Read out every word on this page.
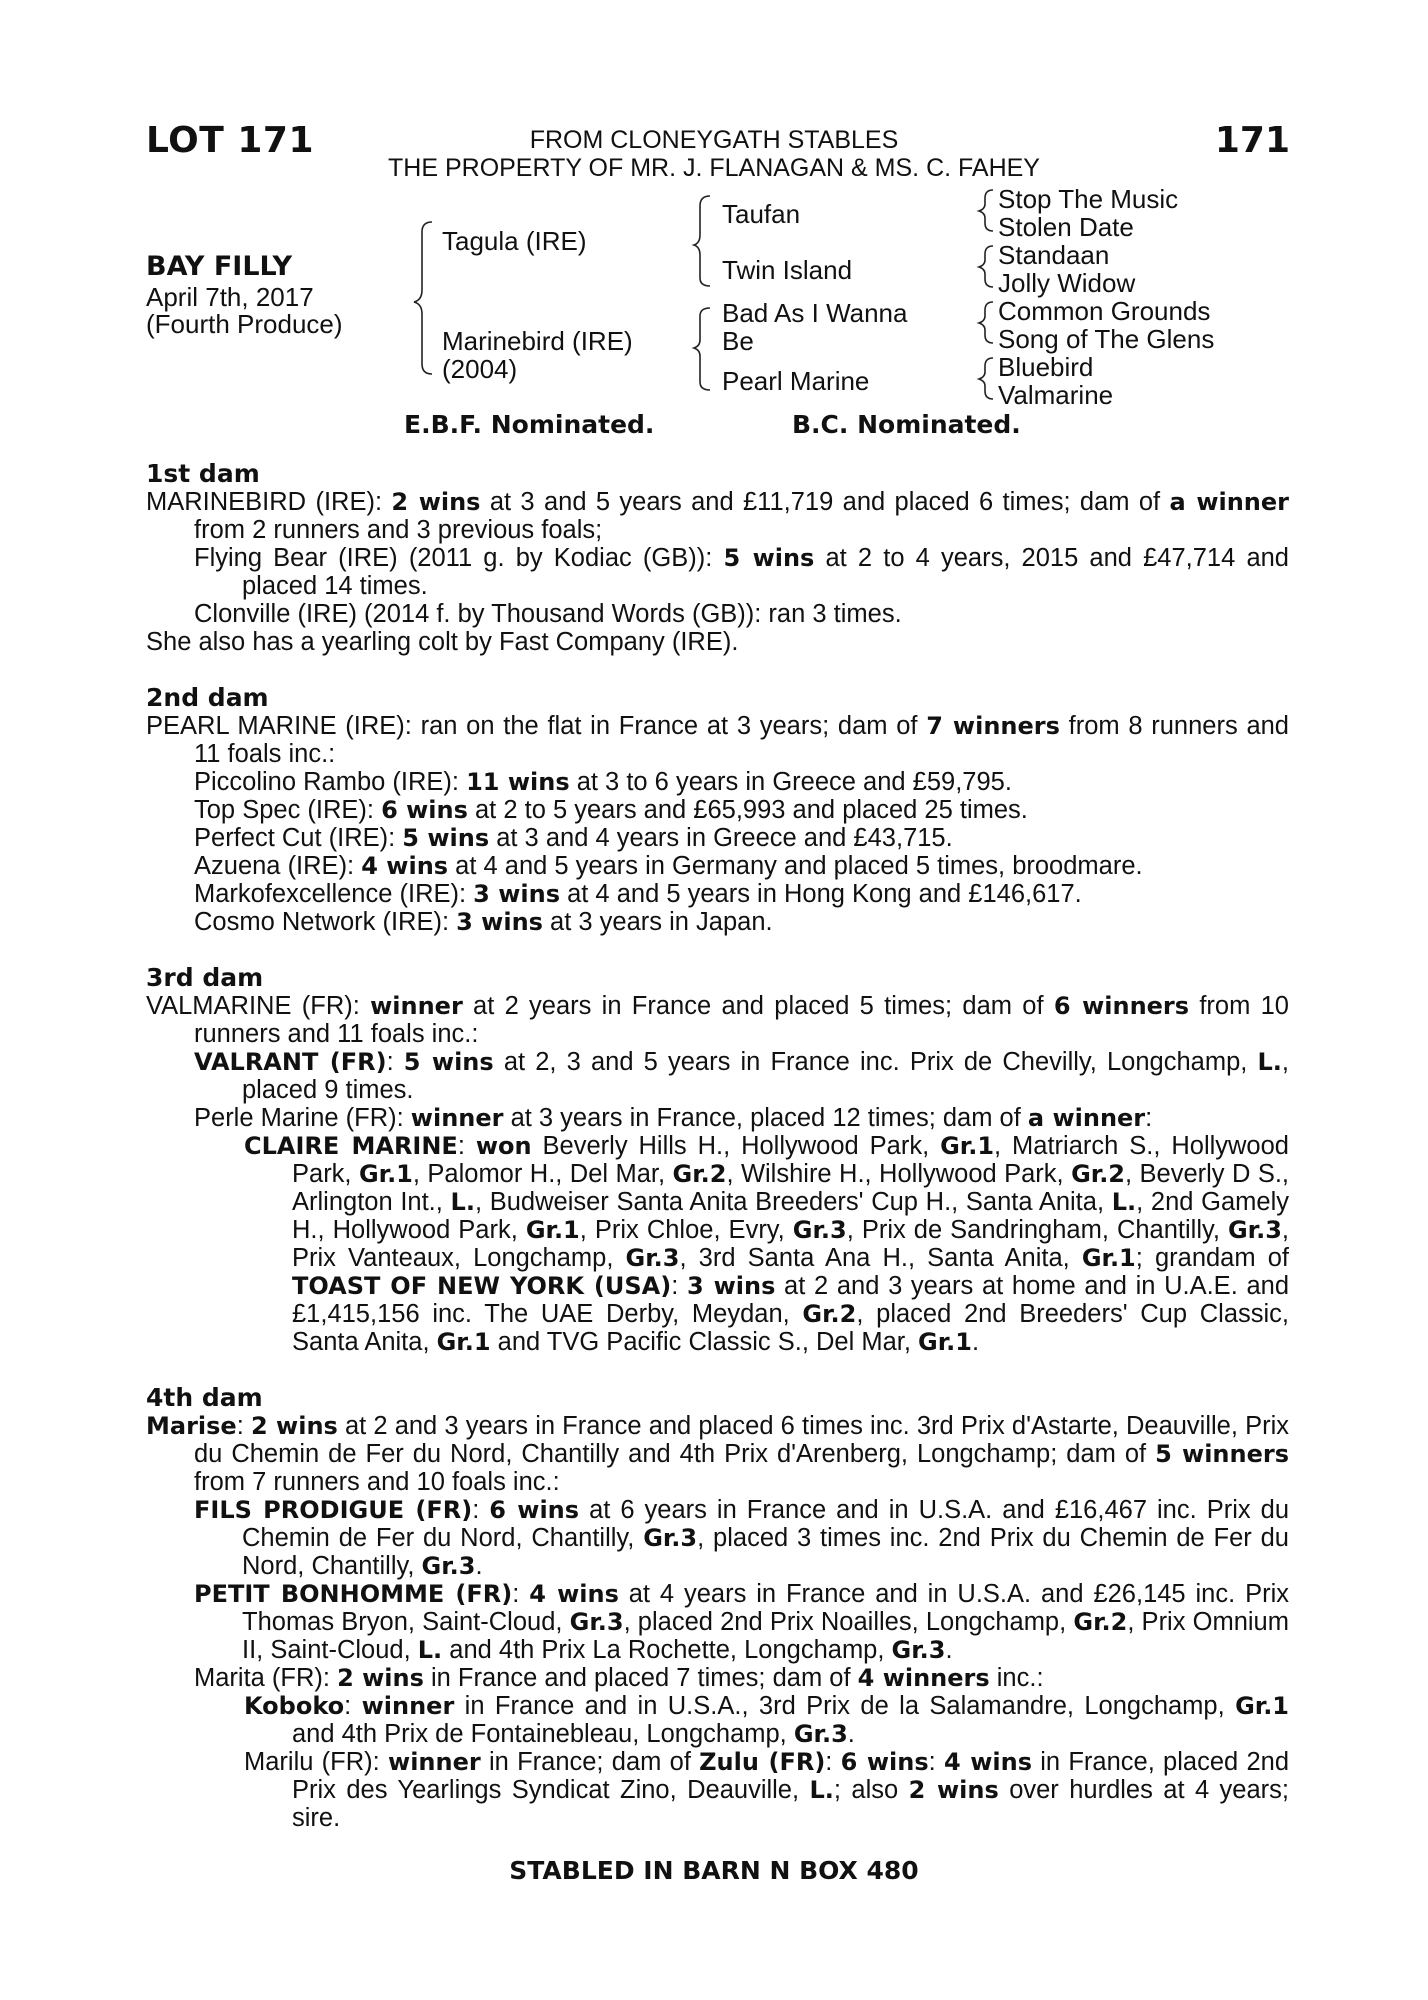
LOT 171	171
FROM CLONEYGATH STABLES
THE PROPERTY OF MR. J. FLANAGAN & MS. C. FAHEY
BAY FILLY
April 7th, 2017
(Fourth Produce)
Tagula (IRE)
Marinebird (IRE)
(2004)
Taufan
Twin Island
Bad As I Wanna
Be
Pearl Marine
Stop The Music
Stolen Date
Standaan
Jolly Widow
Common Grounds
Song of The Glens
Bluebird
Valmarine
E.B.F. Nominated.	B.C. Nominated.
1st dam
MARINEBIRD (IRE): 2 wins at 3 and 5 years and £11,719 and placed 6 times; dam of a winner from 2 runners and 3 previous foals;
Flying Bear (IRE) (2011 g. by Kodiac (GB)): 5 wins at 2 to 4 years, 2015 and £47,714 and placed 14 times.
Clonville (IRE) (2014 f. by Thousand Words (GB)): ran 3 times.
She also has a yearling colt by Fast Company (IRE).
2nd dam
PEARL MARINE (IRE): ran on the flat in France at 3 years; dam of 7 winners from 8 runners and 11 foals inc.:
Piccolino Rambo (IRE): 11 wins at 3 to 6 years in Greece and £59,795.
Top Spec (IRE): 6 wins at 2 to 5 years and £65,993 and placed 25 times.
Perfect Cut (IRE): 5 wins at 3 and 4 years in Greece and £43,715.
Azuena (IRE): 4 wins at 4 and 5 years in Germany and placed 5 times, broodmare.
Markofexcellence (IRE): 3 wins at 4 and 5 years in Hong Kong and £146,617.
Cosmo Network (IRE): 3 wins at 3 years in Japan.
3rd dam
VALMARINE (FR): winner at 2 years in France and placed 5 times; dam of 6 winners from 10 runners and 11 foals inc.:
VALRANT (FR): 5 wins at 2, 3 and 5 years in France inc. Prix de Chevilly, Longchamp, L., placed 9 times.
Perle Marine (FR): winner at 3 years in France, placed 12 times; dam of a winner:
CLAIRE MARINE: won Beverly Hills H., Hollywood Park, Gr.1, Matriarch S., Hollywood Park, Gr.1, Palomor H., Del Mar, Gr.2, Wilshire H., Hollywood Park, Gr.2, Beverly D S., Arlington Int., L., Budweiser Santa Anita Breeders' Cup H., Santa Anita, L., 2nd Gamely H., Hollywood Park, Gr.1, Prix Chloe, Evry, Gr.3, Prix de Sandringham, Chantilly, Gr.3, Prix Vanteaux, Longchamp, Gr.3, 3rd Santa Ana H., Santa Anita, Gr.1; grandam of TOAST OF NEW YORK (USA): 3 wins at 2 and 3 years at home and in U.A.E. and £1,415,156 inc. The UAE Derby, Meydan, Gr.2, placed 2nd Breeders' Cup Classic, Santa Anita, Gr.1 and TVG Pacific Classic S., Del Mar, Gr.1.
4th dam
Marise: 2 wins at 2 and 3 years in France and placed 6 times inc. 3rd Prix d'Astarte, Deauville, Prix du Chemin de Fer du Nord, Chantilly and 4th Prix d'Arenberg, Longchamp; dam of 5 winners from 7 runners and 10 foals inc.:
FILS PRODIGUE (FR): 6 wins at 6 years in France and in U.S.A. and £16,467 inc. Prix du Chemin de Fer du Nord, Chantilly, Gr.3, placed 3 times inc. 2nd Prix du Chemin de Fer du Nord, Chantilly, Gr.3.
PETIT BONHOMME (FR): 4 wins at 4 years in France and in U.S.A. and £26,145 inc. Prix Thomas Bryon, Saint-Cloud, Gr.3, placed 2nd Prix Noailles, Longchamp, Gr.2, Prix Omnium II, Saint-Cloud, L. and 4th Prix La Rochette, Longchamp, Gr.3.
Marita (FR): 2 wins in France and placed 7 times; dam of 4 winners inc.:
Koboko: winner in France and in U.S.A., 3rd Prix de la Salamandre, Longchamp, Gr.1 and 4th Prix de Fontainebleau, Longchamp, Gr.3.
Marilu (FR): winner in France; dam of Zulu (FR): 6 wins: 4 wins in France, placed 2nd Prix des Yearlings Syndicat Zino, Deauville, L.; also 2 wins over hurdles at 4 years; sire.
STABLED IN BARN N BOX 480
